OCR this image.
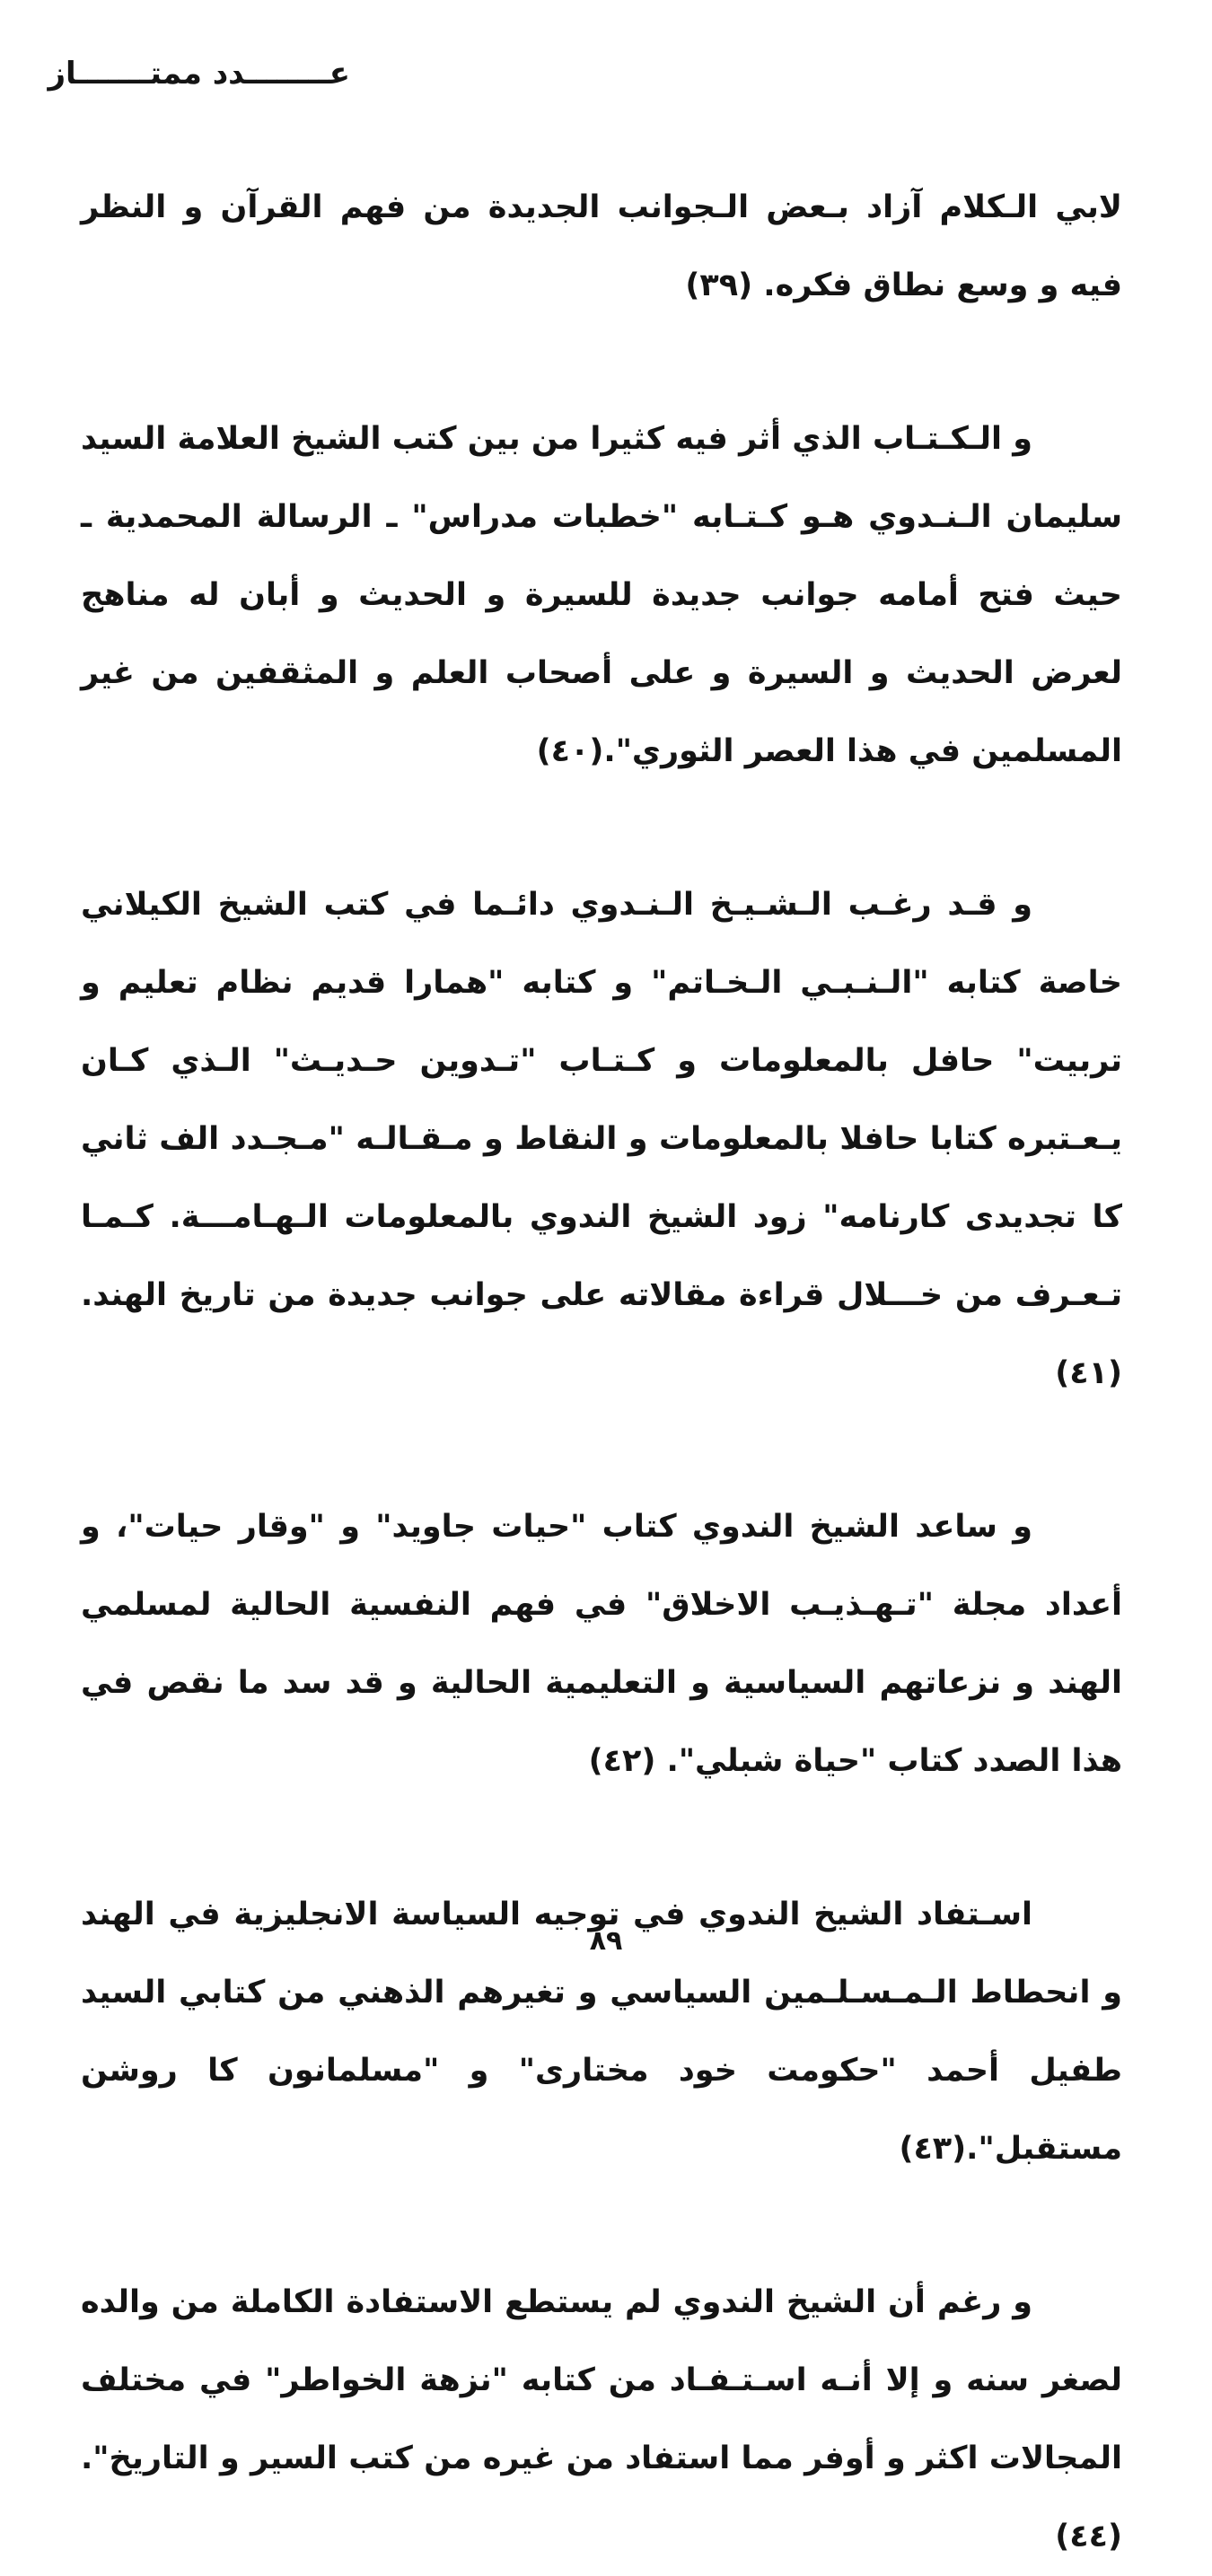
عــــــــدد ممتـــــــاز

لابي الـكلام آزاد بـعض الـجوانب الجديدة من فهم القرآن و النظر فيه و وسع نطاق فكره. (٣٩)

و الـكـتـاب الذي أثر فيه كثيرا من بين كتب الشيخ العلامة السيد سليمان الـنـدوي هـو كـتـابه "خطبات مدراس" ـ الرسالة المحمدية ـ حيث فتح أمامه جوانب جديدة للسيرة و الحديث و أبان له مناهج لعرض الحديث و السيرة و على أصحاب العلم و المثقفين من غير المسلمين في هذا العصر الثوري".(٤٠)

و قـد رغـب الـشـيـخ الـنـدوي دائـما في كتب الشيخ الكيلاني خاصة كتابه "الـنـبـي الـخـاتم" و كتابه "همارا قديم نظام تعليم و تربيت" حافل بالمعلومات و كـتـاب "تـدوين حـديـث" الـذي كـان يـعـتبره كتابا حافلا بالمعلومات و النقاط و مـقـالـه "مـجـدد الف ثاني كا تجديدى كارنامه" زود الشيخ الندوي بالمعلومات الـهـامـــة. كـمـا تـعـرف من خـــلال قراءة مقالاته على جوانب جديدة من تاريخ الهند. (٤١)

و ساعد الشيخ الندوي كتاب "حيات جاويد" و "وقار حيات"، و أعداد مجلة "تـهـذيـب الاخلاق" في فهم النفسية الحالية لمسلمي الهند و نزعاتهم السياسية و التعليمية الحالية و قد سد ما نقص في هذا الصدد كتاب "حياة شبلي". (٤٢)

اسـتفاد الشيخ الندوي في توجيه السياسة الانجليزية في الهند و انحطاط الـمـسـلـمين السياسي و تغيرهم الذهني من كتابي السيد طفيل أحمد "حكومت خود مختارى" و "مسلمانون كا روشن مستقبل".(٤٣)

و رغم أن الشيخ الندوي لم يستطع الاستفادة الكاملة من والده لصغر سنه و إلا أنـه اسـتـفـاد من كتابه "نزهة الخواطر" في مختلف المجالات اكثر و أوفر مما استفاد من غيره من كتب السير و التاريخ".(٤٤)

٨٩
